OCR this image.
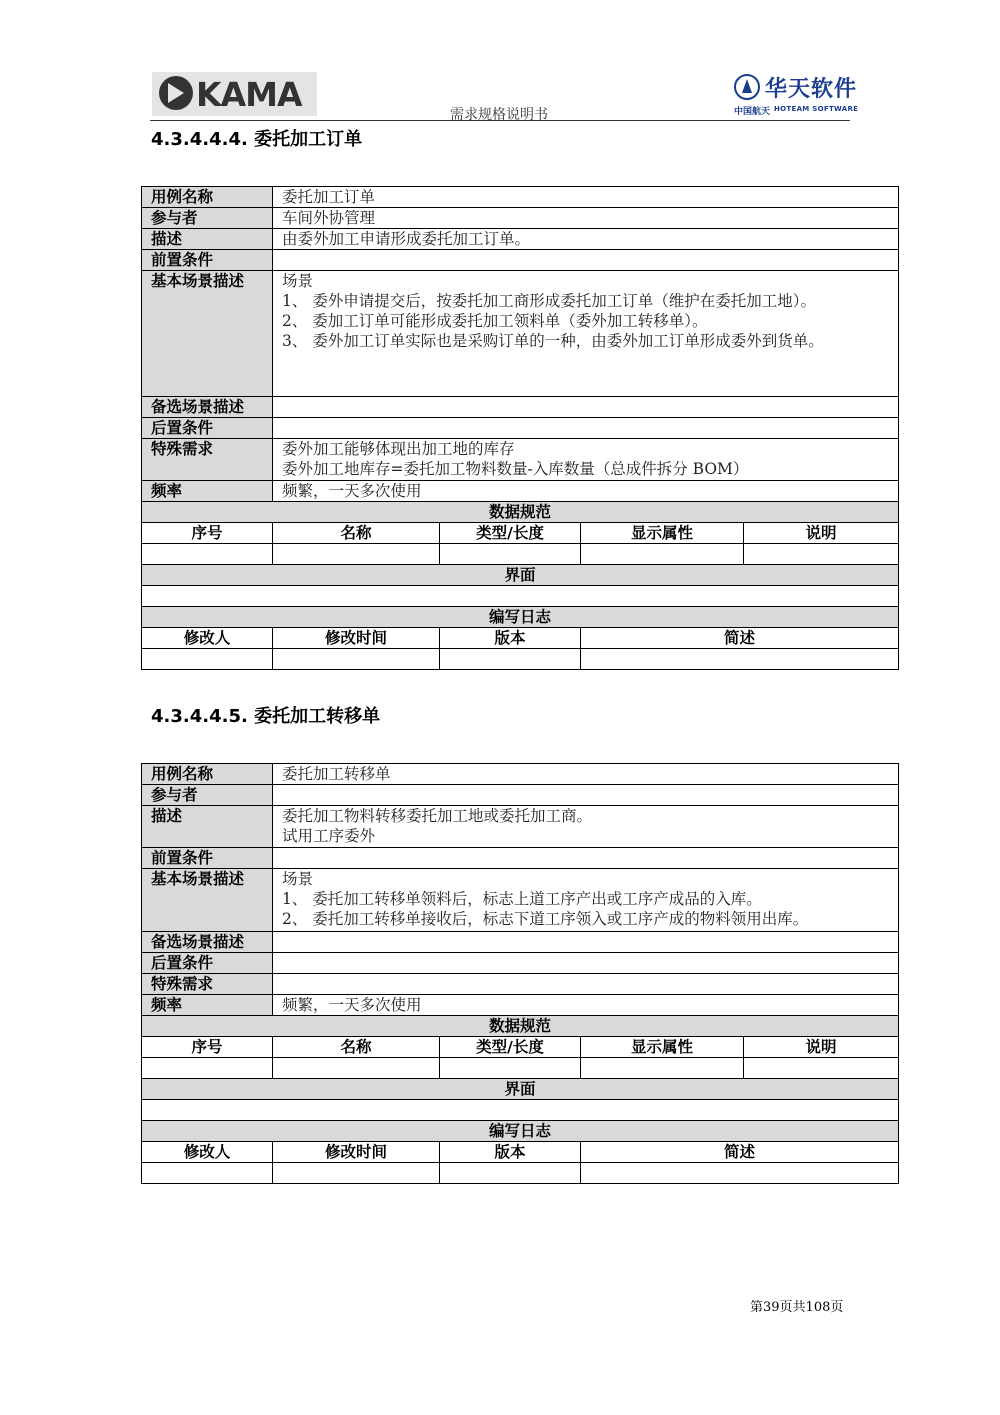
KAMA
需求规格说明书
华天软件
中国航天 HOTEAM SOFTWARE
4.3.4.4.4. 委托加工订单
用例名称	委托加工订单			
参与者	车间外协管理			
描述	由委外加工申请形成委托加工订单。			

前置条件				
基本场景描述	场景
1、 委外申请提交后，按委托加工商形成委托加工订单（维护在委托加工地）。
2、 委加工订单可能形成委托加工领料单（委外加工转移单）。
3、 委外加工订单实际也是采购订单的一种，由委外加工订单形成委外到货单。			

备选场景描述				
后置条件				
特殊需求	委外加工能够体现出加工地的库存
委外加工地库存=委托加工物料数量-入库数量（总成件拆分 BOM）			

频率	频繁，一天多次使用			
数据规范				
序号	名称	类型/长度	显示属性	说明

界面				

编写日志				
修改人	修改时间	版本	简述	

4.3.4.4.5. 委托加工转移单
用例名称	委托加工转移单			
参与者				
描述	委托加工物料转移委托加工地或委托加工商。
试用工序委外			

前置条件				
基本场景描述	场景
1、 委托加工转移单领料后，标志上道工序产出或工序产成品的入库。
2、 委托加工转移单接收后，标志下道工序领入或工序产成的物料领用出库。			

备选场景描述				
后置条件				
特殊需求				
频率	频繁，一天多次使用			
数据规范				
序号	名称	类型/长度	显示属性	说明

界面				

编写日志				
修改人	修改时间	版本	简述	

第39页共108页
